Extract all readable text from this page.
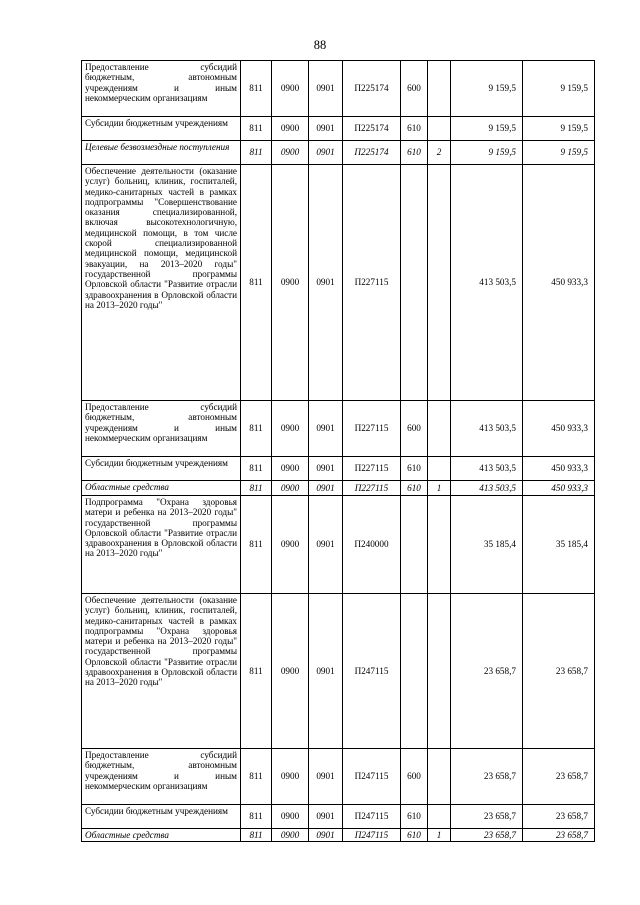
88
Предоставление субсидий бюджетным, автономным учреждениям и иным некоммерческим организациям	811	0900	0901	П225174	600		9 159,5	9 159,5
Субсидии бюджетным учреждениям	811	0900	0901	П225174	610		9 159,5	9 159,5
Целевые безвозмездные поступления	811	0900	0901	П225174	610	2	9 159,5	9 159,5
Обеспечение деятельности (оказание услуг) больниц, клиник, госпиталей, медико-санитарных частей в рамках подпрограммы "Совершенствование оказания специализированной, включая высокотехнологичную, медицинской помощи, в том числе скорой специализированной медицинской помощи, медицинской эвакуации, на 2013–2020 годы" государственной программы Орловской области "Развитие отрасли здравоохранения в Орловской области на 2013–2020 годы"	811	0900	0901	П227115			413 503,5	450 933,3
Предоставление субсидий бюджетным, автономным учреждениям и иным некоммерческим организациям	811	0900	0901	П227115	600		413 503,5	450 933,3
Субсидии бюджетным учреждениям	811	0900	0901	П227115	610		413 503,5	450 933,3
Областные средства	811	0900	0901	П227115	610	1	413 503,5	450 933,3
Подпрограмма "Охрана здоровья матери и ребенка на 2013–2020 годы" государственной программы Орловской области "Развитие отрасли здравоохранения в Орловской области на 2013–2020 годы"	811	0900	0901	П240000			35 185,4	35 185,4
Обеспечение деятельности (оказание услуг) больниц, клиник, госпиталей, медико-санитарных частей в рамках подпрограммы "Охрана здоровья матери и ребенка на 2013–2020 годы" государственной программы Орловской области "Развитие отрасли здравоохранения в Орловской области на 2013–2020 годы"	811	0900	0901	П247115			23 658,7	23 658,7
Предоставление субсидий бюджетным, автономным учреждениям и иным некоммерческим организациям	811	0900	0901	П247115	600		23 658,7	23 658,7
Субсидии бюджетным учреждениям	811	0900	0901	П247115	610		23 658,7	23 658,7
Областные средства	811	0900	0901	П247115	610	1	23 658,7	23 658,7
